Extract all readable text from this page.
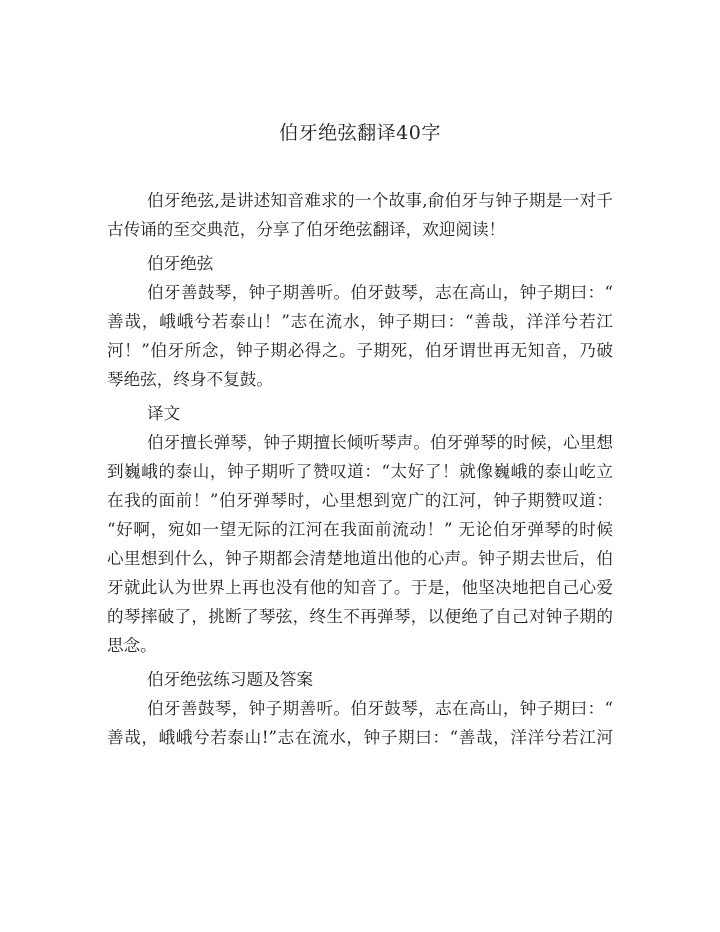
伯牙绝弦翻译40字
伯牙绝弦,是讲述知音难求的一个故事,俞伯牙与钟子期是一对千
古传诵的至交典范，分享了伯牙绝弦翻译，欢迎阅读！
伯牙绝弦
伯牙善鼓琴，钟子期善听。伯牙鼓琴，志在高山，钟子期曰：“
善哉，峨峨兮若泰山！”志在流水，钟子期曰：“善哉，洋洋兮若江
河！”伯牙所念，钟子期必得之。子期死，伯牙谓世再无知音，乃破
琴绝弦，终身不复鼓。
译文
伯牙擅长弹琴，钟子期擅长倾听琴声。伯牙弹琴的时候，心里想
到巍峨的泰山，钟子期听了赞叹道：“太好了！就像巍峨的泰山屹立
在我的面前！”伯牙弹琴时，心里想到宽广的江河，钟子期赞叹道：
“好啊，宛如一望无际的江河在我面前流动！” 无论伯牙弹琴的时候
心里想到什么，钟子期都会清楚地道出他的心声。钟子期去世后，伯
牙就此认为世界上再也没有他的知音了。于是，他坚决地把自己心爱
的琴摔破了，挑断了琴弦，终生不再弹琴，以便绝了自己对钟子期的
思念。
伯牙绝弦练习题及答案
伯牙善鼓琴，钟子期善听。伯牙鼓琴，志在高山，钟子期曰：“
善哉，峨峨兮若泰山!”志在流水，钟子期曰：“善哉，洋洋兮若江河
